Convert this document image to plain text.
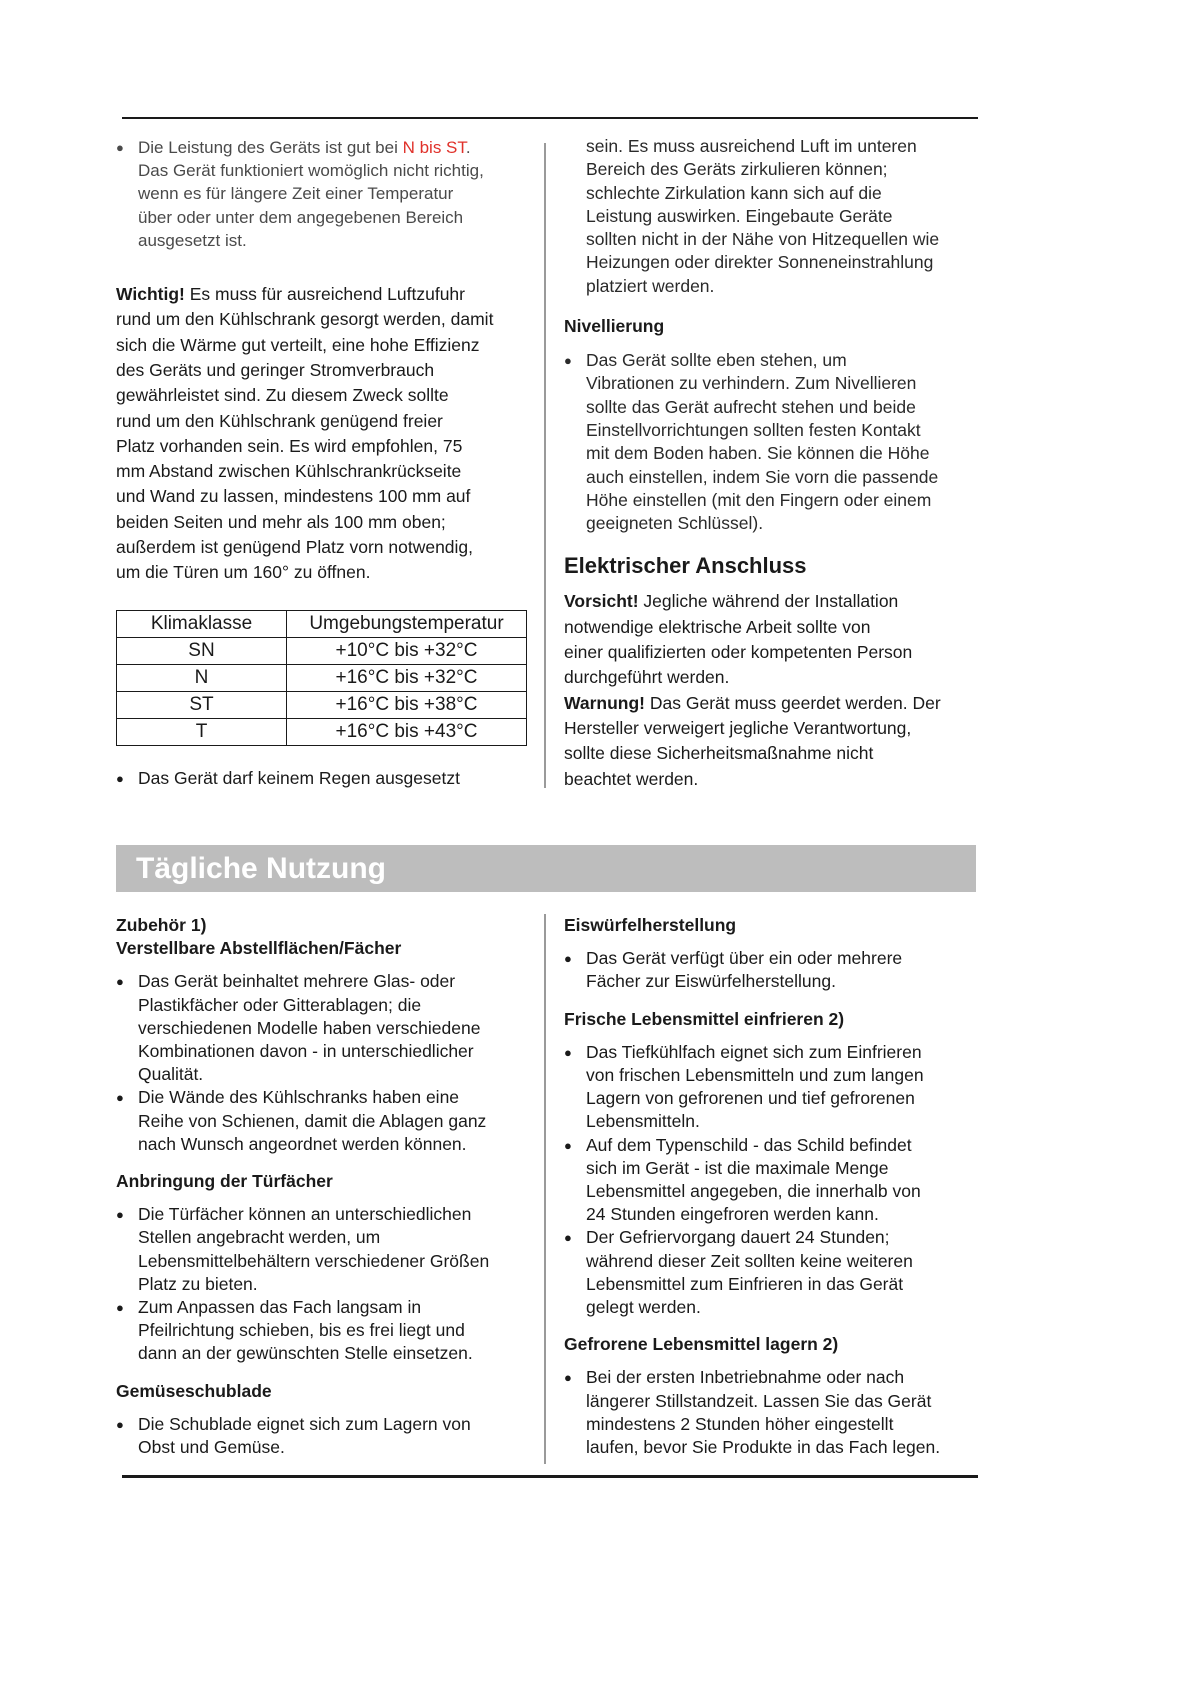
● Die Leistung des Geräts ist gut bei N bis ST.
Das Gerät funktioniert womöglich nicht richtig,
wenn es für längere Zeit einer Temperatur
über oder unter dem angegebenen Bereich
ausgesetzt ist.
Wichtig! Es muss für ausreichend Luftzufuhr
rund um den Kühlschrank gesorgt werden, damit
sich die Wärme gut verteilt, eine hohe Effizienz
des Geräts und geringer Stromverbrauch
gewährleistet sind. Zu diesem Zweck sollte
rund um den Kühlschrank genügend freier
Platz vorhanden sein. Es wird empfohlen, 75
mm Abstand zwischen Kühlschrankrückseite
und Wand zu lassen, mindestens 100 mm auf
beiden Seiten und mehr als 100 mm oben;
außerdem ist genügend Platz vorn notwendig,
um die Türen um 160° zu öffnen.
Klimaklasse	Umgebungstemperatur
SN	+10°C bis +32°C
N	+16°C bis +32°C
ST	+16°C bis +38°C
T	+16°C bis +43°C
● Das Gerät darf keinem Regen ausgesetzt
sein. Es muss ausreichend Luft im unteren
Bereich des Geräts zirkulieren können;
schlechte Zirkulation kann sich auf die
Leistung auswirken. Eingebaute Geräte
sollten nicht in der Nähe von Hitzequellen wie
Heizungen oder direkter Sonneneinstrahlung
platziert werden.
Nivellierung
● Das Gerät sollte eben stehen, um
Vibrationen zu verhindern. Zum Nivellieren
sollte das Gerät aufrecht stehen und beide
Einstellvorrichtungen sollten festen Kontakt
mit dem Boden haben. Sie können die Höhe
auch einstellen, indem Sie vorn die passende
Höhe einstellen (mit den Fingern oder einem
geeigneten Schlüssel).
Elektrischer Anschluss
Vorsicht! Jegliche während der Installation
notwendige elektrische Arbeit sollte von
einer qualifizierten oder kompetenten Person
durchgeführt werden.
Warnung! Das Gerät muss geerdet werden. Der
Hersteller verweigert jegliche Verantwortung,
sollte diese Sicherheitsmaßnahme nicht
beachtet werden.
Tägliche Nutzung
Zubehör 1)
Verstellbare Abstellflächen/Fächer
● Das Gerät beinhaltet mehrere Glas- oder
Plastikfächer oder Gitterablagen; die
verschiedenen Modelle haben verschiedene
Kombinationen davon - in unterschiedlicher
Qualität.
● Die Wände des Kühlschranks haben eine
Reihe von Schienen, damit die Ablagen ganz
nach Wunsch angeordnet werden können.
Anbringung der Türfächer
● Die Türfächer können an unterschiedlichen
Stellen angebracht werden, um
Lebensmittelbehältern verschiedener Größen
Platz zu bieten.
● Zum Anpassen das Fach langsam in
Pfeilrichtung schieben, bis es frei liegt und
dann an der gewünschten Stelle einsetzen.
Gemüseschublade
● Die Schublade eignet sich zum Lagern von
Obst und Gemüse.
Eiswürfelherstellung
● Das Gerät verfügt über ein oder mehrere
Fächer zur Eiswürfelherstellung.
Frische Lebensmittel einfrieren 2)
● Das Tiefkühlfach eignet sich zum Einfrieren
von frischen Lebensmitteln und zum langen
Lagern von gefrorenen und tief gefrorenen
Lebensmitteln.
● Auf dem Typenschild - das Schild befindet
sich im Gerät - ist die maximale Menge
Lebensmittel angegeben, die innerhalb von
24 Stunden eingefroren werden kann.
● Der Gefriervorgang dauert 24 Stunden;
während dieser Zeit sollten keine weiteren
Lebensmittel zum Einfrieren in das Gerät
gelegt werden.
Gefrorene Lebensmittel lagern 2)
● Bei der ersten Inbetriebnahme oder nach
längerer Stillstandzeit. Lassen Sie das Gerät
mindestens 2 Stunden höher eingestellt
laufen, bevor Sie Produkte in das Fach legen.
